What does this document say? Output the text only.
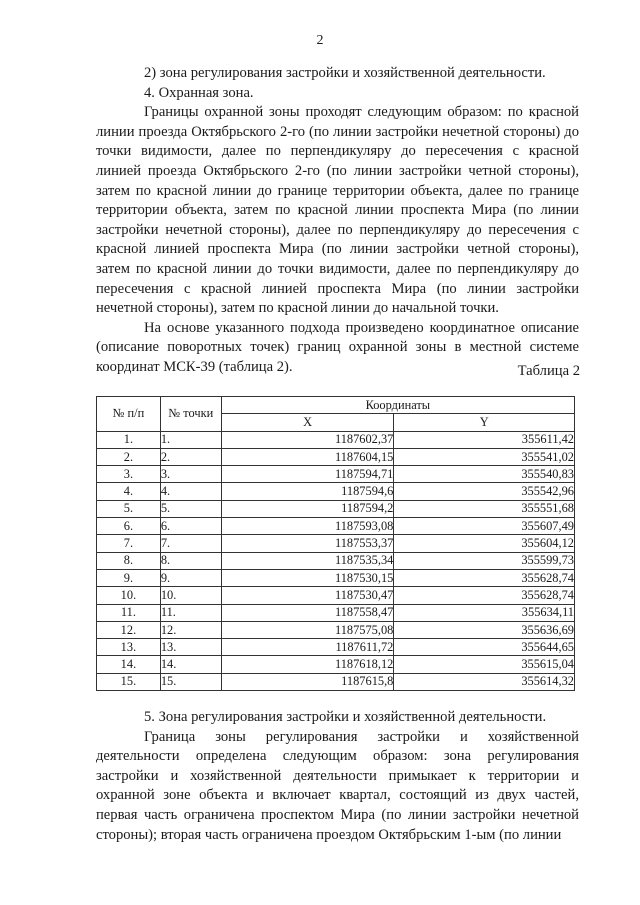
2

2) зона регулирования застройки и хозяйственной деятельности.

4. Охранная зона.

Границы охранной зоны проходят следующим образом: по красной линии проезда Октябрьского 2-го (по линии застройки нечетной стороны) до точки видимости, далее по перпендикуляру до пересечения с красной линией проезда Октябрьского 2-го (по линии застройки четной стороны), затем по красной линии до границе территории объекта, далее по границе территории объекта, затем по красной линии проспекта Мира (по линии застройки нечетной стороны), далее по перпендикуляру до пересечения с красной линией проспекта Мира (по линии застройки четной стороны), затем по красной линии до точки видимости, далее по перпендикуляру до пересечения с красной линией проспекта Мира (по линии застройки нечетной стороны), затем по красной линии до начальной точки.

На основе указанного подхода произведено координатное описание (описание поворотных точек) границ охранной зоны в местной системе координат МСК-39 (таблица 2).	Таблица 2
№ п/п	№ точки	Координаты	
		X	Y
1.	1.	1187602,37	355611,42
2.	2.	1187604,15	355541,02
3.	3.	1187594,71	355540,83
4.	4.	1187594,6	355542,96
5.	5.	1187594,2	355551,68
6.	6.	1187593,08	355607,49
7.	7.	1187553,37	355604,12
8.	8.	1187535,34	355599,73
9.	9.	1187530,15	355628,74
10.	10.	1187530,47	355628,74
11.	11.	1187558,47	355634,11
12.	12.	1187575,08	355636,69
13.	13.	1187611,72	355644,65
14.	14.	1187618,12	355615,04
15.	15.	1187615,8	355614,32

5. Зона регулирования застройки и хозяйственной деятельности.

Граница зоны регулирования застройки и хозяйственной деятельности определена следующим образом: зона регулирования застройки и хозяйственной деятельности примыкает к территории и охранной зоне объекта и включает квартал, состоящий из двух частей, первая часть ограничена проспектом Мира (по линии застройки нечетной стороны); вторая часть ограничена проездом Октябрьским 1-ым (по линии
